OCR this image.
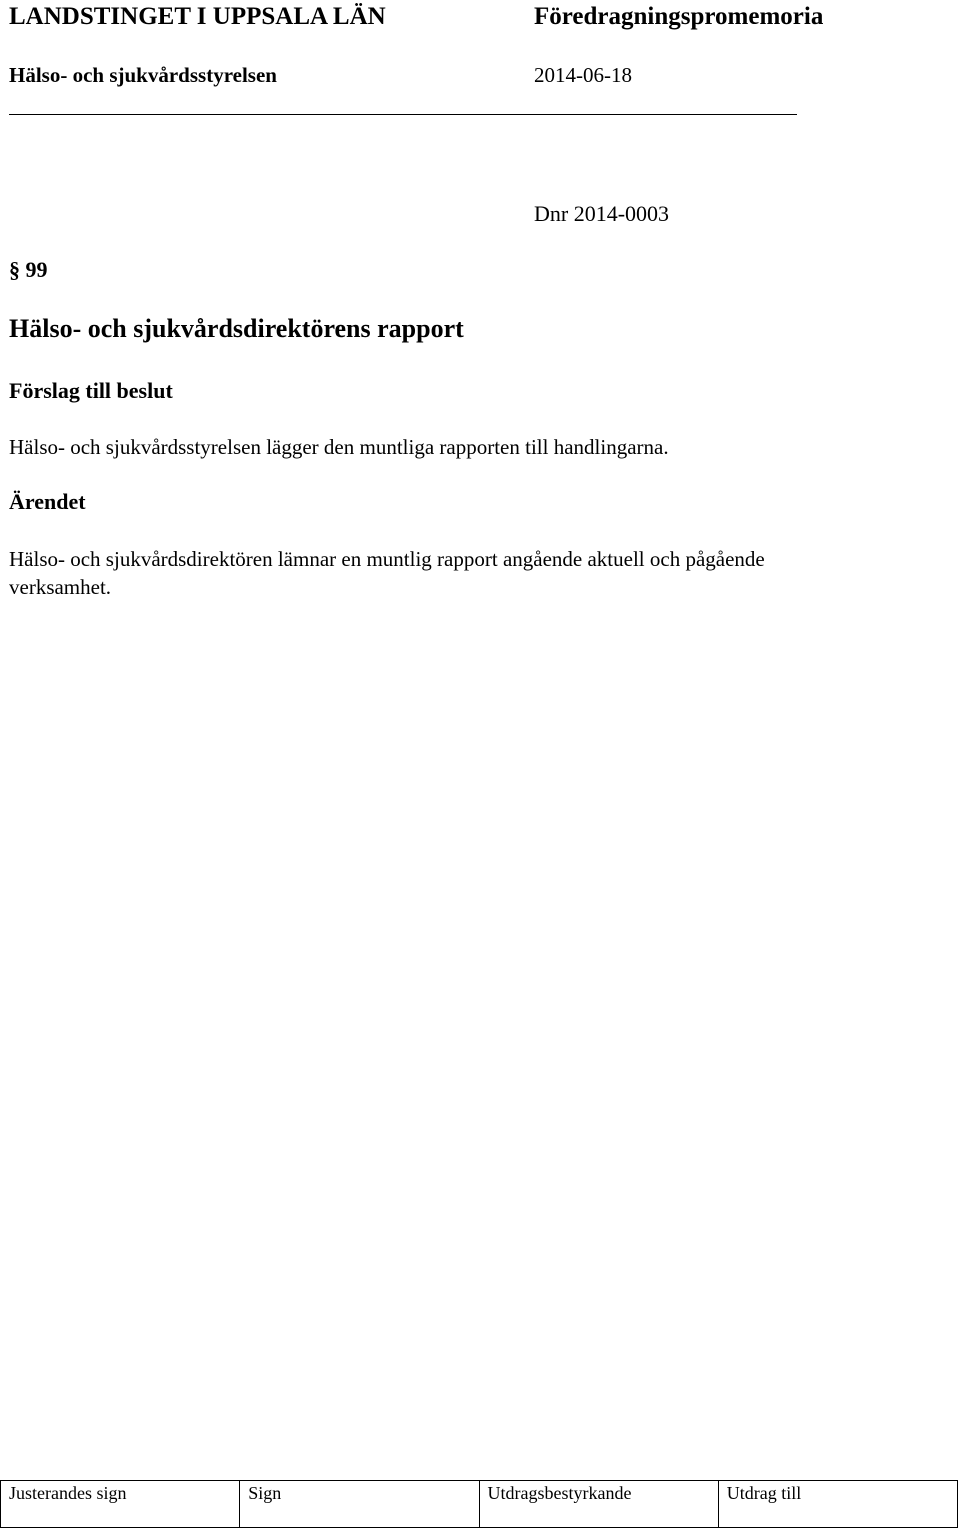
LANDSTINGET I UPPSALA LÄN	Föredragningspromemoria
Hälso- och sjukvårdsstyrelsen	2014-06-18
Dnr 2014-0003
§ 99
Hälso- och sjukvårdsdirektörens rapport
Förslag till beslut
Hälso- och sjukvårdsstyrelsen lägger den muntliga rapporten till handlingarna.
Ärendet
Hälso- och sjukvårdsdirektören lämnar en muntlig rapport angående aktuell och pågående verksamhet.
Justerandes sign	Sign	Utdragsbestyrkande	Utdrag till
